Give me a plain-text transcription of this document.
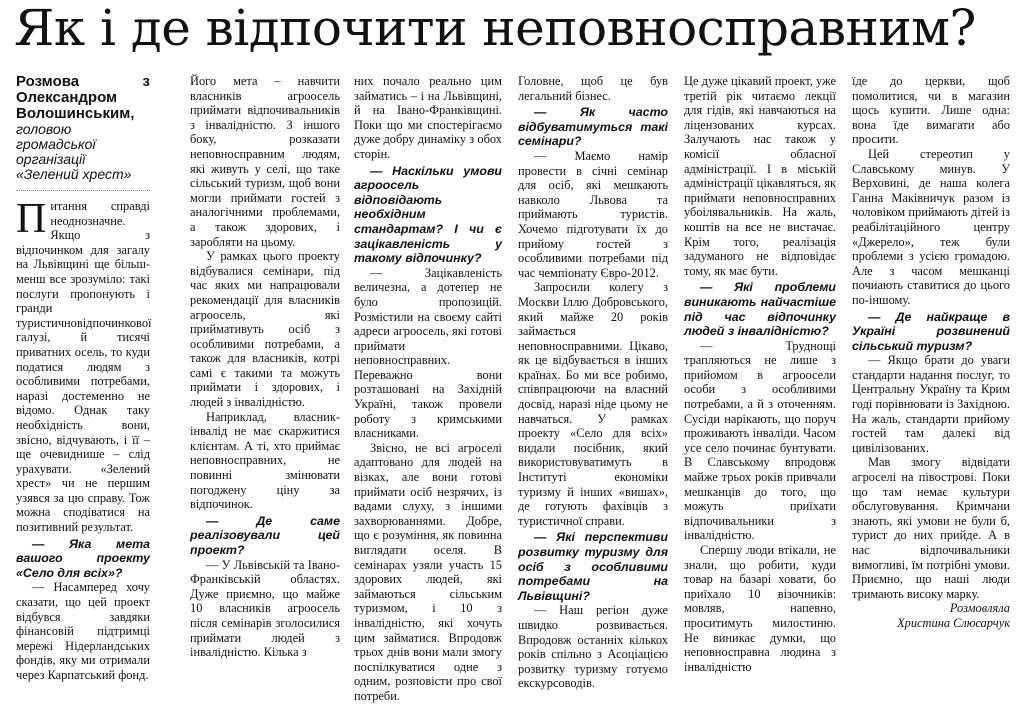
Як і де відпочити неповносправним?

Розмова з Олександром Волошинським,

головою громадської організації «Зелений хрест»

Питання справді неоднозначне. Якщо з відпочинком для загалу на Львівщині ще більш-менш все зрозуміло: такі послуги пропонують і гранди туристичновідпочинкової галузі, й тисячі приватних осель, то куди податися людям з особливими потребами, наразі достеменно не відомо. Однак таку необхідність вони, звісно, відчувають, і її – ще очевиднише – слід урахувати. «Зелений хрест» чи не першим узявся за цю справу. Тож можна сподіватися на позитивний результат.

— Яка мета вашого проекту «Село для всіх»?

— Насамперед хочу сказати, що цей проект відбувся завдяки фінансовій підтримці мережі Нідерландських фондів, яку ми отримали через Карпатський фонд.

Його мета – навчити власників агроосель приймати відпочивальників з інвалідністю. З іншого боку, розказати неповносправним людям, які живуть у селі, що таке сільський туризм, щоб вони могли приймати гостей з аналогічними проблемами, а також здорових, і заробляти на цьому.

У рамках цього проекту відбувалися семінари, під час яких ми напрацювали рекомендації для власників агроосель, які приймативуть осіб з особливими потребами, а також для власників, котрі самі є такими та можуть приймати і здорових, і людей з інвалідністю.

Наприклад, власник-інвалід не має скаржитися клієнтам. А ті, хто приймає неповносправних, не повинні змінювати погоджену ціну за відпочинок.

— Де саме реалізовували цей проект?

— У Львівській та Івано-Франківській областях. Дуже приємно, що майже 10 власників агроосель після семінарів зголосилися приймати людей з інвалідністю. Кілька з

них почало реально цим займатись – і на Львівщині, й на Івано-Франківщині. Поки що ми спостерігаємо дуже добру динаміку з обох сторін.

— Наскільки умови агроосель відповідають необхідним стандартам? І чи є зацікавленість у такому відпочинку?

— Зацікавленість величезна, а дотепер не було пропозицій. Розмістили на своєму сайті адреси агроосель, які готові приймати неповносправних. Переважно вони розташовані на Західній Україні, також провели роботу з кримськими власниками.

Звісно, не всі агроселі адаптовано для людей на візках, але вони готові приймати осіб незрячих, із вадами слуху, з іншими захворюваннями. Добре, що є розуміння, як повинна виглядати оселя. В семінарах узяли участь 15 здорових людей, які займаються сільським туризмом, і 10 з інвалідністю, які хочуть цим займатися. Впродовж трьох днів вони мали змогу поспілкуватися одне з одним, розповісти про свої потреби.

Головне, щоб це був легальний бізнес.

— Як часто відбуватимуться такі семінари?

— Маємо намір провести в січні семінар для осіб, які мешкають навколо Львова та приймають туристів. Хочемо підготувати їх до прийому гостей з особливими потребами під час чемпіонату Євро-2012.

Запросили колегу з Москви Іллю Добровського, який майже 20 років займається неповносправними. Цікаво, як це відбувається в інших країнах. Бо ми все робимо, співпрацюючи на власний досвід, наразі ніде цьому не навчаться. У рамках проекту «Село для всіх» видали посібник, який використовуватимуть в Інституті економіки туризму й інших «вишах», де готують фахівців з туристичної справи.

— Які перспективи розвитку туризму для осіб з особливими потребами на Львівщині?

— Наш регіон дуже швидко розвивається. Впродовж останніх кількох років спільно з Асоціацією розвитку туризму готуємо екскурсоводів.

Це дуже цікавий проект, уже третій рік читаємо лекції для гідів, які навчаються на ліцензованих курсах. Залучають нас також у комісії обласної адміністрації. І в міській адміністрації цікавляться, як приймати неповносправних убоілявальників. На жаль, коштів на все не вистачає. Крім того, реалізація задуманого не відповідає тому, як має бути.

— Які проблеми виникають найчастіше під час відпочинку людей з інвалідністю?

— Труднощі трапляються не лише з прийомом в агроосели особи з особливими потребами, а й з оточенням. Сусіди нарікають, що поруч проживають інваліди. Часом усе село починає бунтувати. В Славському впродовж майже трьох років привчали мешканців до того, що можуть приїхати відпочивальники з інвалідністю.

Спершу люди втікали, не знали, що робити, куди товар на базарі ховати, бо приїхало 10 візочників: мовляв, напевно, проситимуть милостиню. Не виникає думки, що неповносправна людина з інвалідністю

їде до церкви, щоб помолитися, чи в магазин щось купити. Лише одна: вона їде вимагати або просити.

Цей стереотип у Славському минув. У Верховині, де наша колега Ганна Маківничук разом із чоловіком приймають дітей із реабілітаційного центру «Джерело», теж були проблеми з усією громадою. Але з часом мешканці почиають ставитися до цього по-іншому.

— Де найкраще в Україні розвинений сільський туризм?

— Якщо брати до уваги стандарти надання послуг, то Центральну Україну та Крим годі порівнювати із Західною. На жаль, стандарти прийому гостей там далекі від цивілізованих.

Мав змогу відвідати агроселі на півострові. Поки що там немає культури обслуговування. Кримчани знають, які умови не були б, турист до них прийде. А в нас відпочивальники вимогливі, їм потрібні умови. Приємно, що наші люди тримають високу марку.

Розмовляла

Христина Слюсарчук
